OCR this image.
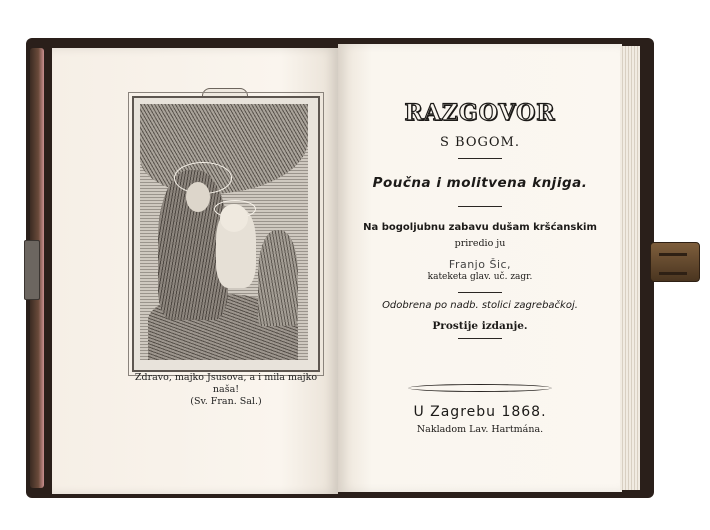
Zdravo, majko Jsusova, a i mila majko naša!
(Sv. Fran. Sal.)
RAZGOVOR
S BOGOM.
Poučna i molitvena knjiga.
Na bogoljubnu zabavu dušam kršćanskim
priredio ju
Franjo Šic,
kateketa glav. uč. zagr.
Odobrena po nadb. stolici zagrebačkoj.
Prostije izdanje.
U Zagrebu 1868.
Nakladom Lav. Hartmána.
